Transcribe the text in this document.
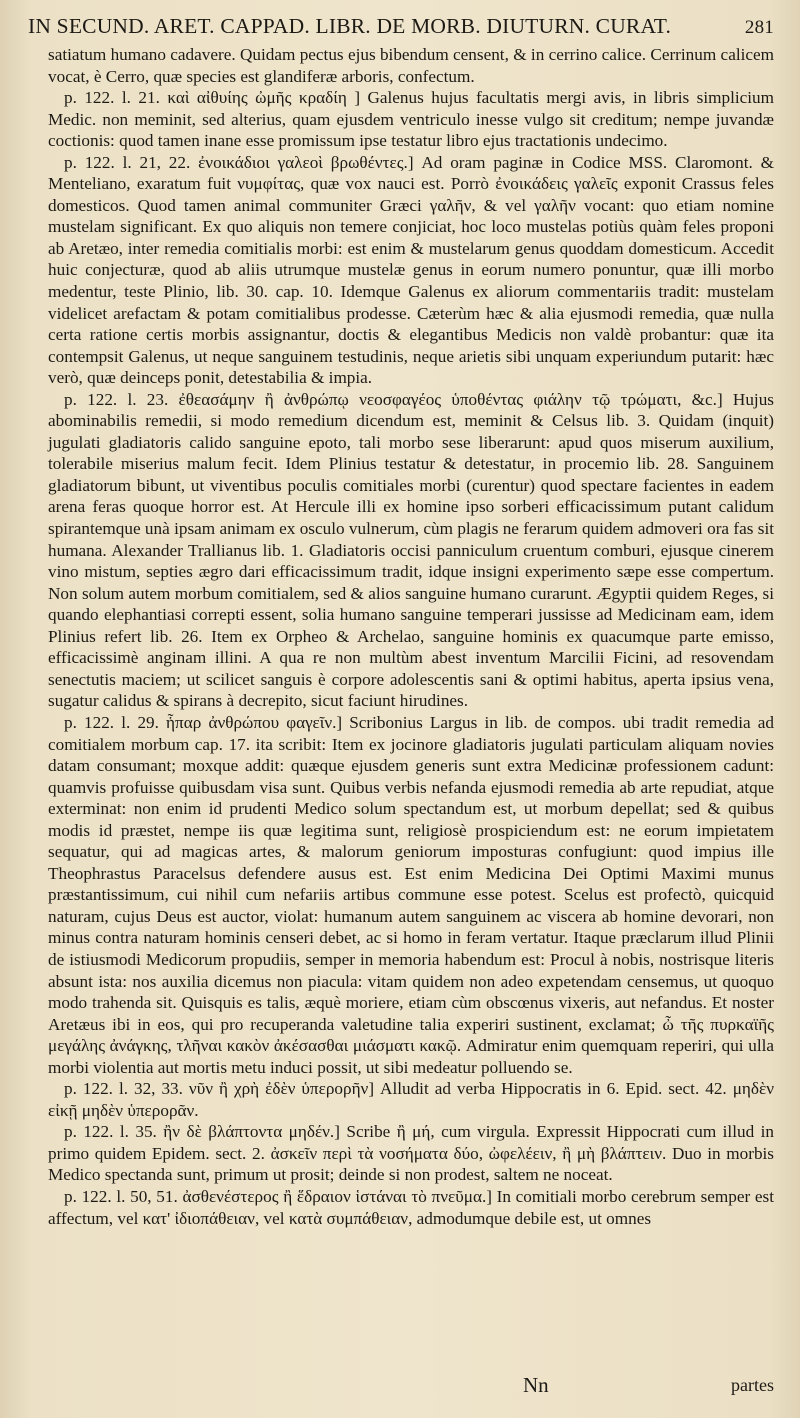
IN SECUND. ARET. CAPPAD. LIBR. DE MORB. DIUTURN. CURAT.	281

satiatum humano cadavere. Quidam pectus ejus bibendum censent, & in cerrino calice. Cerrinum calicem vocat, è Cerro, quæ species est glandiferæ arboris, confectum.

p. 122. l. 21. καὶ αἰθυίης ὠμῆς κραδίη ] Galenus hujus facultatis mergi avis, in libris simplicium Medic. non meminit, sed alterius, quam ejusdem ventriculo inesse vulgo sit creditum; nempe juvandæ coctionis: quod tamen inane esse promissum ipse testatur libro ejus tractationis undecimo.

p. 122. l. 21, 22. ἐνοικάδιοι γαλεοὶ βρωθέντες.] Ad oram paginæ in Codice MSS. Claromont. & Menteliano, exaratum fuit νυμφίτας, quæ vox nauci est. Porrò ἐνοικάδεις γαλεῖς exponit Crassus feles domesticos. Quod tamen animal communiter Græci γαλῆν, & vel γαλῆν vocant: quo etiam nomine mustelam significant. Ex quo aliquis non temere conjiciat, hoc loco mustelas potiùs quàm feles proponi ab Aretæo, inter remedia comitialis morbi: est enim & mustelarum genus quoddam domesticum. Accedit huic conjecturæ, quod ab aliis utrumque mustelæ genus in eorum numero ponuntur, quæ illi morbo medentur, teste Plinio, lib. 30. cap. 10. Idemque Galenus ex aliorum commentariis tradit: mustelam videlicet arefactam & potam comitialibus prodesse. Cæterùm hæc & alia ejusmodi remedia, quæ nulla certa ratione certis morbis assignantur, doctis & elegantibus Medicis non valdè probantur: quæ ita contempsit Galenus, ut neque sanguinem testudinis, neque arietis sibi unquam experiundum putarit: hæc verò, quæ deinceps ponit, detestabilia & impia.

p. 122. l. 23. ἐθεασάμην ἢ ἀνθρώπῳ νεοσφαγέος ὑποθέντας φιάλην τῷ τρώματι, &c.] Hujus abominabilis remedii, si modo remedium dicendum est, meminit & Celsus lib. 3. Quidam (inquit) jugulati gladiatoris calido sanguine epoto, tali morbo sese liberarunt: apud quos miserum auxilium, tolerabile miserius malum fecit. Idem Plinius testatur & detestatur, in procemio lib. 28. Sanguinem gladiatorum bibunt, ut viventibus poculis comitiales morbi (curentur) quod spectare facientes in eadem arena feras quoque horror est. At Hercule illi ex homine ipso sorberi efficacissimum putant calidum spirantemque unà ipsam animam ex osculo vulnerum, cùm plagis ne ferarum quidem admoveri ora fas sit humana. Alexander Trallianus lib. 1. Gladiatoris occisi panniculum cruentum comburi, ejusque cinerem vino mistum, septies ægro dari efficacissimum tradit, idque insigni experimento sæpe esse compertum. Non solum autem morbum comitialem, sed & alios sanguine humano curarunt. Ægyptii quidem Reges, si quando elephantiasi correpti essent, solia humano sanguine temperari jussisse ad Medicinam eam, idem Plinius refert lib. 26. Item ex Orpheo & Archelao, sanguine hominis ex quacumque parte emisso, efficacissimè anginam illini. A qua re non multùm abest inventum Marcilii Ficini, ad resovendam senectutis maciem; ut scilicet sanguis è corpore adolescentis sani & optimi habitus, aperta ipsius vena, sugatur calidus & spirans à decrepito, sicut faciunt hirudines.

p. 122. l. 29. ἧπαρ ἀνθρώπου φαγεῖν.] Scribonius Largus in lib. de compos. ubi tradit remedia ad comitialem morbum cap. 17. ita scribit: Item ex jocinore gladiatoris jugulati particulam aliquam novies datam consumant; moxque addit: quæque ejusdem generis sunt extra Medicinæ professionem cadunt: quamvis profuisse quibusdam visa sunt. Quibus verbis nefanda ejusmodi remedia ab arte repudiat, atque exterminat: non enim id prudenti Medico solum spectandum est, ut morbum depellat; sed & quibus modis id præstet, nempe iis quæ legitima sunt, religiosè prospiciendum est: ne eorum impietatem sequatur, qui ad magicas artes, & malorum geniorum imposturas confugiunt: quod impius ille Theophrastus Paracelsus defendere ausus est. Est enim Medicina Dei Optimi Maximi munus præstantissimum, cui nihil cum nefariis artibus commune esse potest. Scelus est profectò, quicquid naturam, cujus Deus est auctor, violat: humanum autem sanguinem ac viscera ab homine devorari, non minus contra naturam hominis censeri debet, ac si homo in feram vertatur. Itaque præclarum illud Plinii de istiusmodi Medicorum propudiis, semper in memoria habendum est: Procul à nobis, nostrisque literis absunt ista: nos auxilia dicemus non piacula: vitam quidem non adeo expetendam censemus, ut quoquo modo trahenda sit. Quisquis es talis, æquè moriere, etiam cùm obscœnus vixeris, aut nefandus. Et noster Aretæus ibi in eos, qui pro recuperanda valetudine talia experiri sustinent, exclamat; ὦ τῆς πυρκαϊῆς μεγάλης ἀνάγκης, τλῆναι κακὸν ἀκέσασθαι μιάσματι κακῷ. Admiratur enim quemquam reperiri, qui ulla morbi violentia aut mortis metu induci possit, ut sibi medeatur polluendo se.

p. 122. l. 32, 33. νῦν ἢ χρὴ ἐδὲν ὑπερορῆν] Alludit ad verba Hippocratis in 6. Epid. sect. 42. μηδὲν εἰκῇ μηδὲν ὑπερορᾶν.

p. 122. l. 35. ἢν δὲ βλάπτοντα μηδέν.] Scribe ἢ μή, cum virgula. Expressit Hippocrati cum illud in primo quidem Epidem. sect. 2. ἀσκεῖν περὶ τὰ νοσήματα δύο, ὠφελέειν, ἢ μὴ βλάπτειν. Duo in morbis Medico spectanda sunt, primum ut prosit; deinde si non prodest, saltem ne noceat.

p. 122. l. 50, 51. ἀσθενέστερος ἢ ἕδραιον ἱστάναι τὸ πνεῦμα.] In comitiali morbo cerebrum semper est affectum, vel κατ' ἰδιοπάθειαν, vel κατὰ συμπάθειαν, admodumque debile est, ut omnes

Nn	partes
